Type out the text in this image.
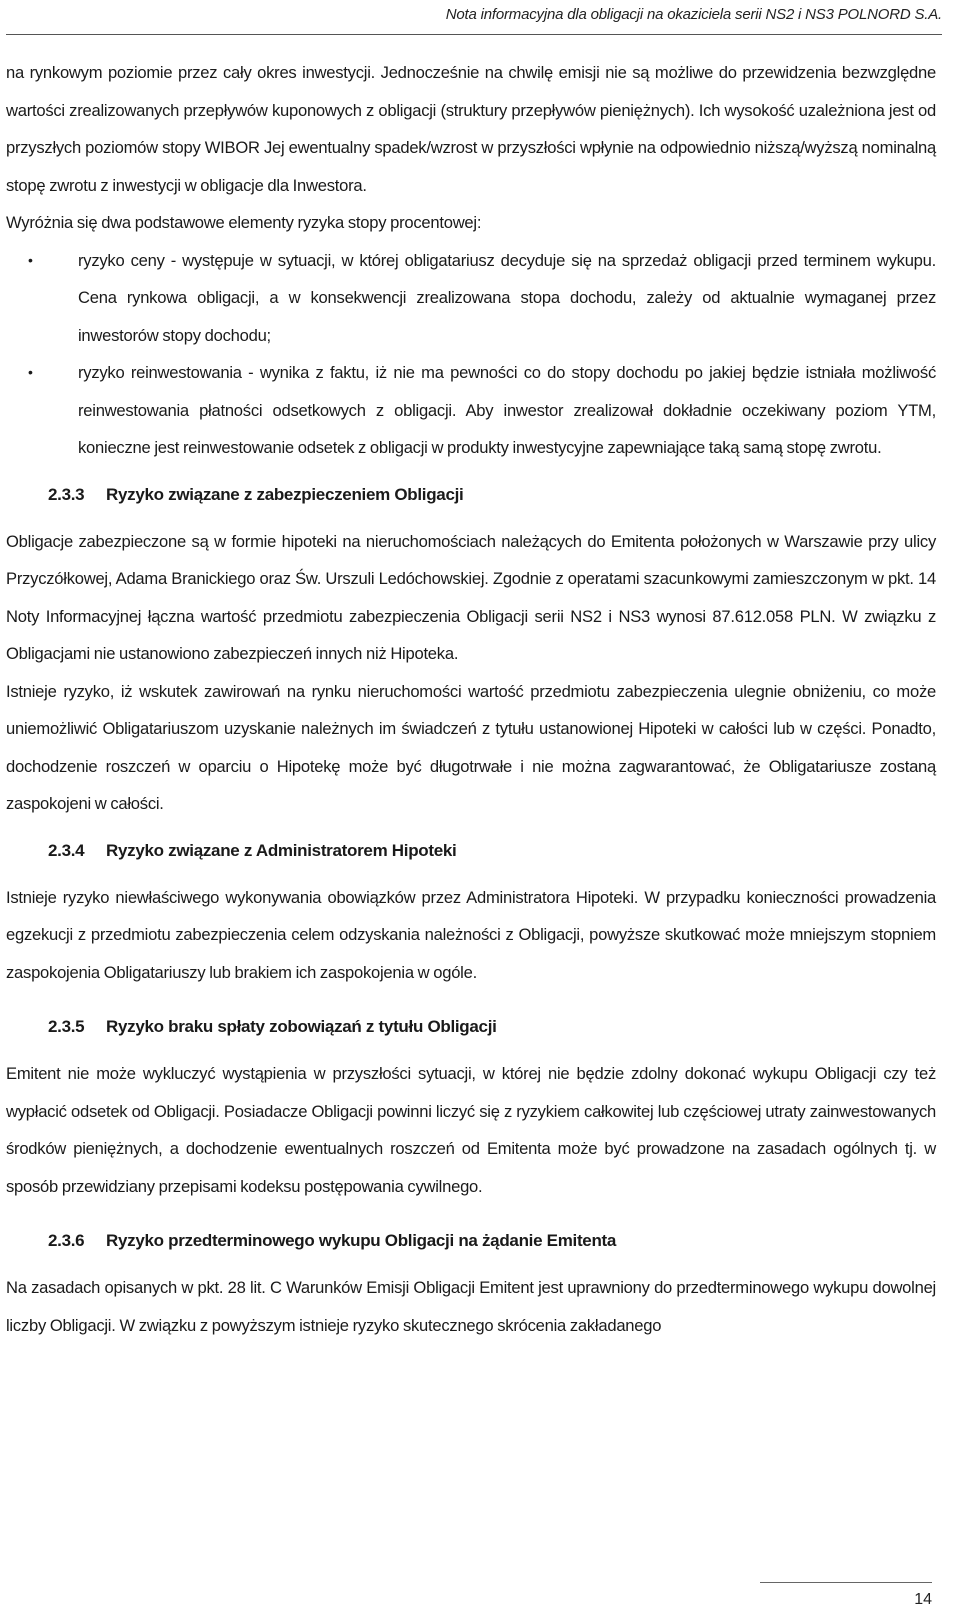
Nota informacyjna dla obligacji na okaziciela serii NS2 i NS3 POLNORD S.A.

na rynkowym poziomie przez cały okres inwestycji. Jednocześnie na chwilę emisji nie są możliwe do przewidzenia bezwzględne wartości zrealizowanych przepływów kuponowych z obligacji (struktury przepływów pieniężnych). Ich wysokość uzależniona jest od przyszłych poziomów stopy WIBOR Jej ewentualny spadek/wzrost w przyszłości wpłynie na odpowiednio niższą/wyższą nominalną stopę zwrotu z inwestycji w obligacje dla Inwestora.

Wyróżnia się dwa podstawowe elementy ryzyka stopy procentowej:

•	ryzyko ceny - występuje w sytuacji, w której obligatariusz decyduje się na sprzedaż obligacji przed terminem wykupu. Cena rynkowa obligacji, a w konsekwencji zrealizowana stopa dochodu, zależy od aktualnie wymaganej przez inwestorów stopy dochodu;
•	ryzyko reinwestowania - wynika z faktu, iż nie ma pewności co do stopy dochodu po jakiej będzie istniała możliwość reinwestowania płatności odsetkowych z obligacji. Aby inwestor zrealizował dokładnie oczekiwany poziom YTM, konieczne jest reinwestowanie odsetek z obligacji w produkty inwestycyjne zapewniające taką samą stopę zwrotu.
2.3.3 Ryzyko związane z zabezpieczeniem Obligacji

Obligacje zabezpieczone są w formie hipoteki na nieruchomościach należących do Emitenta położonych w Warszawie przy ulicy Przyczółkowej, Adama Branickiego oraz Św. Urszuli Ledóchowskiej. Zgodnie z operatami szacunkowymi zamieszczonym w pkt. 14 Noty Informacyjnej łączna wartość przedmiotu zabezpieczenia Obligacji serii NS2 i NS3 wynosi 87.612.058 PLN. W związku z Obligacjami nie ustanowiono zabezpieczeń innych niż Hipoteka.

Istnieje ryzyko, iż wskutek zawirowań na rynku nieruchomości wartość przedmiotu zabezpieczenia ulegnie obniżeniu, co może uniemożliwić Obligatariuszom uzyskanie należnych im świadczeń z tytułu ustanowionej Hipoteki w całości lub w części. Ponadto, dochodzenie roszczeń w oparciu o Hipotekę może być długotrwałe i nie można zagwarantować, że Obligatariusze zostaną zaspokojeni w całości.

2.3.4 Ryzyko związane z Administratorem Hipoteki

Istnieje ryzyko niewłaściwego wykonywania obowiązków przez Administratora Hipoteki. W przypadku konieczności prowadzenia egzekucji z przedmiotu zabezpieczenia celem odzyskania należności z Obligacji, powyższe skutkować może mniejszym stopniem zaspokojenia Obligatariuszy lub brakiem ich zaspokojenia w ogóle.

2.3.5 Ryzyko braku spłaty zobowiązań z tytułu Obligacji

Emitent nie może wykluczyć wystąpienia w przyszłości sytuacji, w której nie będzie zdolny dokonać wykupu Obligacji czy też wypłacić odsetek od Obligacji. Posiadacze Obligacji powinni liczyć się z ryzykiem całkowitej lub częściowej utraty zainwestowanych środków pieniężnych, a dochodzenie ewentualnych roszczeń od Emitenta może być prowadzone na zasadach ogólnych tj. w sposób przewidziany przepisami kodeksu postępowania cywilnego.

2.3.6 Ryzyko przedterminowego wykupu Obligacji na żądanie Emitenta

Na zasadach opisanych w pkt. 28 lit. C Warunków Emisji Obligacji Emitent jest uprawniony do przedterminowego wykupu dowolnej liczby Obligacji. W związku z powyższym istnieje ryzyko skutecznego skrócenia zakładanego

14
